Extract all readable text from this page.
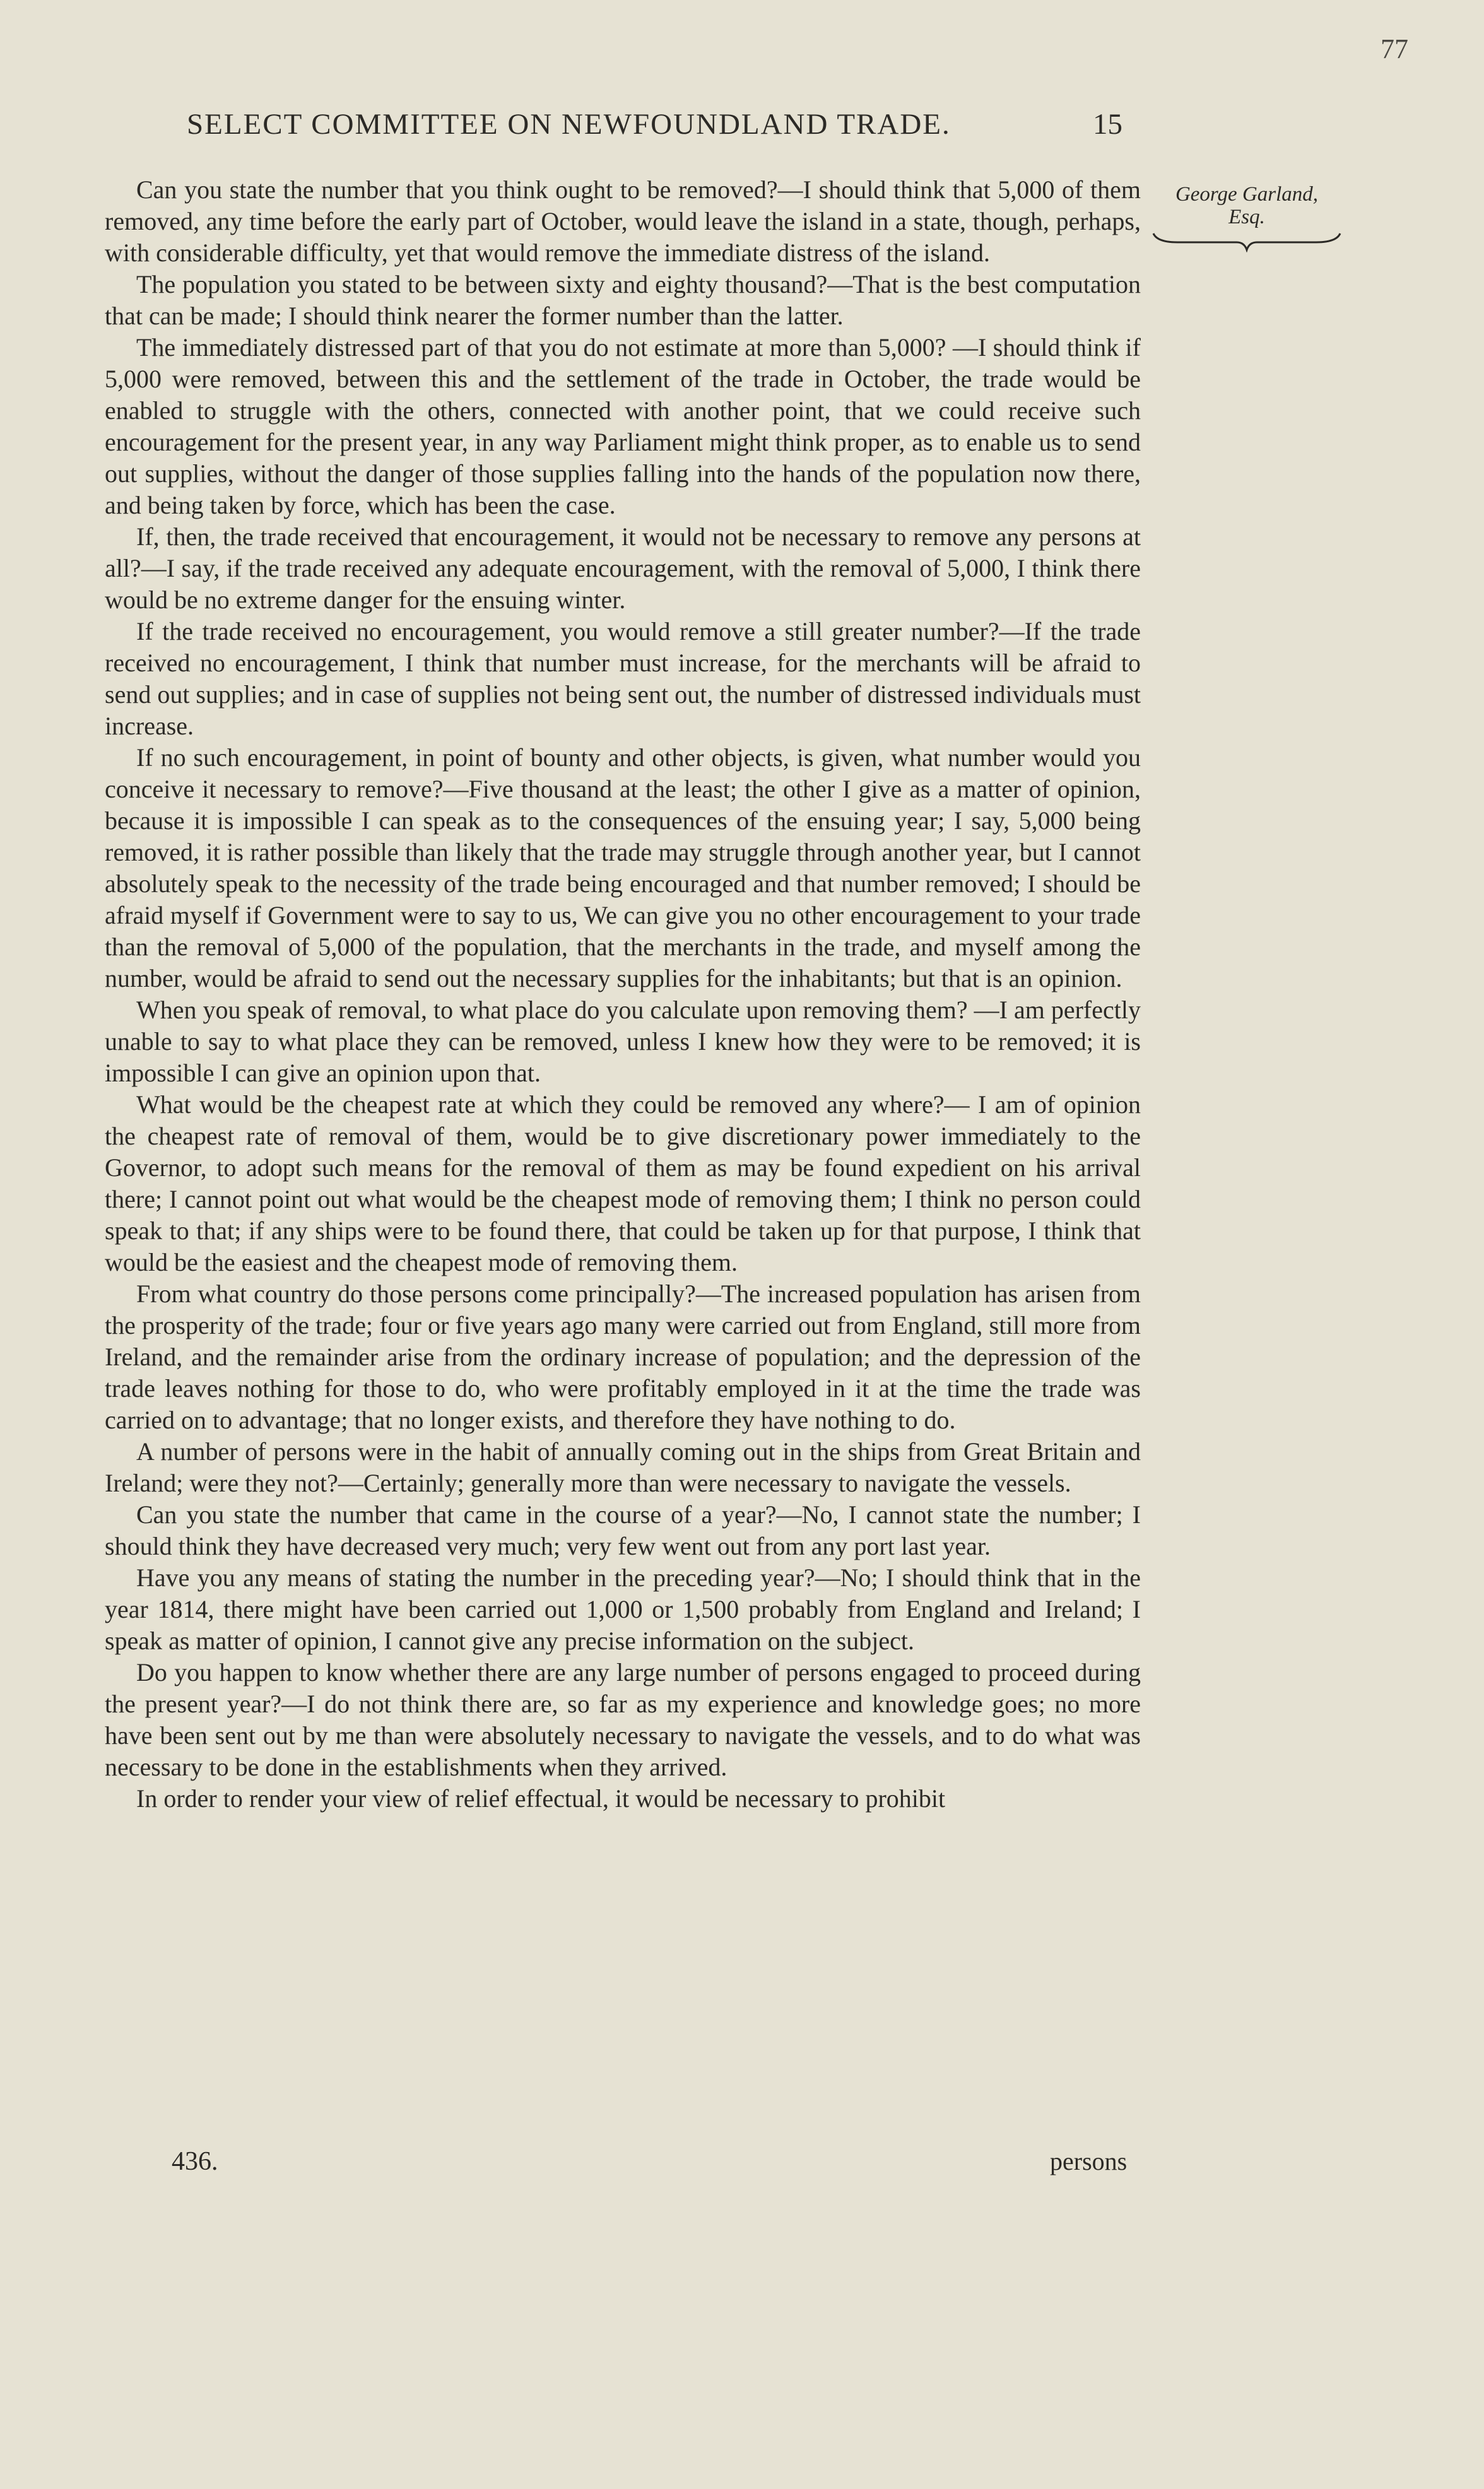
77
SELECT COMMITTEE ON NEWFOUNDLAND TRADE.	15
George Garland,
Esq.

Can you state the number that you think ought to be removed?—I should think that 5,000 of them removed, any time before the early part of October, would leave the island in a state, though, perhaps, with considerable difficulty, yet that would remove the immediate distress of the island.

The population you stated to be between sixty and eighty thousand?—That is the best computation that can be made; I should think nearer the former number than the latter.

The immediately distressed part of that you do not estimate at more than 5,000? —I should think if 5,000 were removed, between this and the settlement of the trade in October, the trade would be enabled to struggle with the others, connected with another point, that we could receive such encouragement for the present year, in any way Parliament might think proper, as to enable us to send out supplies, without the danger of those supplies falling into the hands of the population now there, and being taken by force, which has been the case.

If, then, the trade received that encouragement, it would not be necessary to remove any persons at all?—I say, if the trade received any adequate encouragement, with the removal of 5,000, I think there would be no extreme danger for the ensuing winter.

If the trade received no encouragement, you would remove a still greater number?—If the trade received no encouragement, I think that number must increase, for the merchants will be afraid to send out supplies; and in case of supplies not being sent out, the number of distressed individuals must increase.

If no such encouragement, in point of bounty and other objects, is given, what number would you conceive it necessary to remove?—Five thousand at the least; the other I give as a matter of opinion, because it is impossible I can speak as to the consequences of the ensuing year; I say, 5,000 being removed, it is rather possible than likely that the trade may struggle through another year, but I cannot absolutely speak to the necessity of the trade being encouraged and that number removed; I should be afraid myself if Government were to say to us, We can give you no other encouragement to your trade than the removal of 5,000 of the population, that the merchants in the trade, and myself among the number, would be afraid to send out the necessary supplies for the inhabitants; but that is an opinion.

When you speak of removal, to what place do you calculate upon removing them? —I am perfectly unable to say to what place they can be removed, unless I knew how they were to be removed; it is impossible I can give an opinion upon that.

What would be the cheapest rate at which they could be removed any where?— I am of opinion the cheapest rate of removal of them, would be to give discretionary power immediately to the Governor, to adopt such means for the removal of them as may be found expedient on his arrival there; I cannot point out what would be the cheapest mode of removing them; I think no person could speak to that; if any ships were to be found there, that could be taken up for that purpose, I think that would be the easiest and the cheapest mode of removing them.

From what country do those persons come principally?—The increased population has arisen from the prosperity of the trade; four or five years ago many were carried out from England, still more from Ireland, and the remainder arise from the ordinary increase of population; and the depression of the trade leaves nothing for those to do, who were profitably employed in it at the time the trade was carried on to advantage; that no longer exists, and therefore they have nothing to do.

A number of persons were in the habit of annually coming out in the ships from Great Britain and Ireland; were they not?—Certainly; generally more than were necessary to navigate the vessels.

Can you state the number that came in the course of a year?—No, I cannot state the number; I should think they have decreased very much; very few went out from any port last year.

Have you any means of stating the number in the preceding year?—No; I should think that in the year 1814, there might have been carried out 1,000 or 1,500 probably from England and Ireland; I speak as matter of opinion, I cannot give any precise information on the subject.

Do you happen to know whether there are any large number of persons engaged to proceed during the present year?—I do not think there are, so far as my experience and knowledge goes; no more have been sent out by me than were absolutely necessary to navigate the vessels, and to do what was necessary to be done in the establishments when they arrived.

In order to render your view of relief effectual, it would be necessary to prohibit

436.	persons
